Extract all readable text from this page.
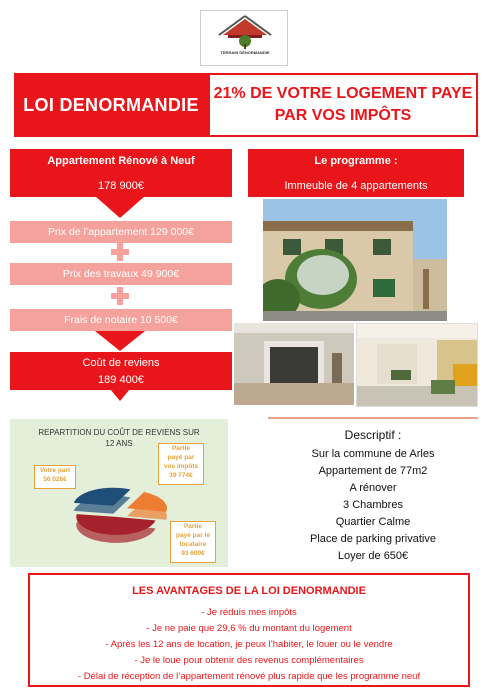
TERRAIN DENORMANDIE
LOI DENORMANDIE
21% DE VOTRE LOGEMENT PAYE
PAR VOS IMPÔTS
Appartement Rénové à Neuf
178 900€
Prix de l’appartement 129 000€
Prix des travaux 49 900€
Frais de notaire 10 500€
Coût de reviens
189 400€
Le programme :
Immeuble de 4 appartements
REPARTITION DU COÛT DE REVIENS SUR
12 ANS
Votre part
56 026€
Partie
payé par
vos impôts
39 774€
Partie
payé par le
locataire
93 600€
Descriptif :
Sur la commune de Arles
Appartement de 77m2
A rénover
3 Chambres
Quartier Calme
Place de parking privative
Loyer de 650€
LES AVANTAGES DE LA LOI DENORMANDIE
- Je réduis mes impôts
- Je ne paie que 29,6 % du montant du logement
- Après les 12 ans de location, je peux l’habiter, le louer ou le vendre
- Je le loue pour obtenir des revenus complémentaires
- Délai de réception de l’appartement rénové plus rapide que les programme neuf
